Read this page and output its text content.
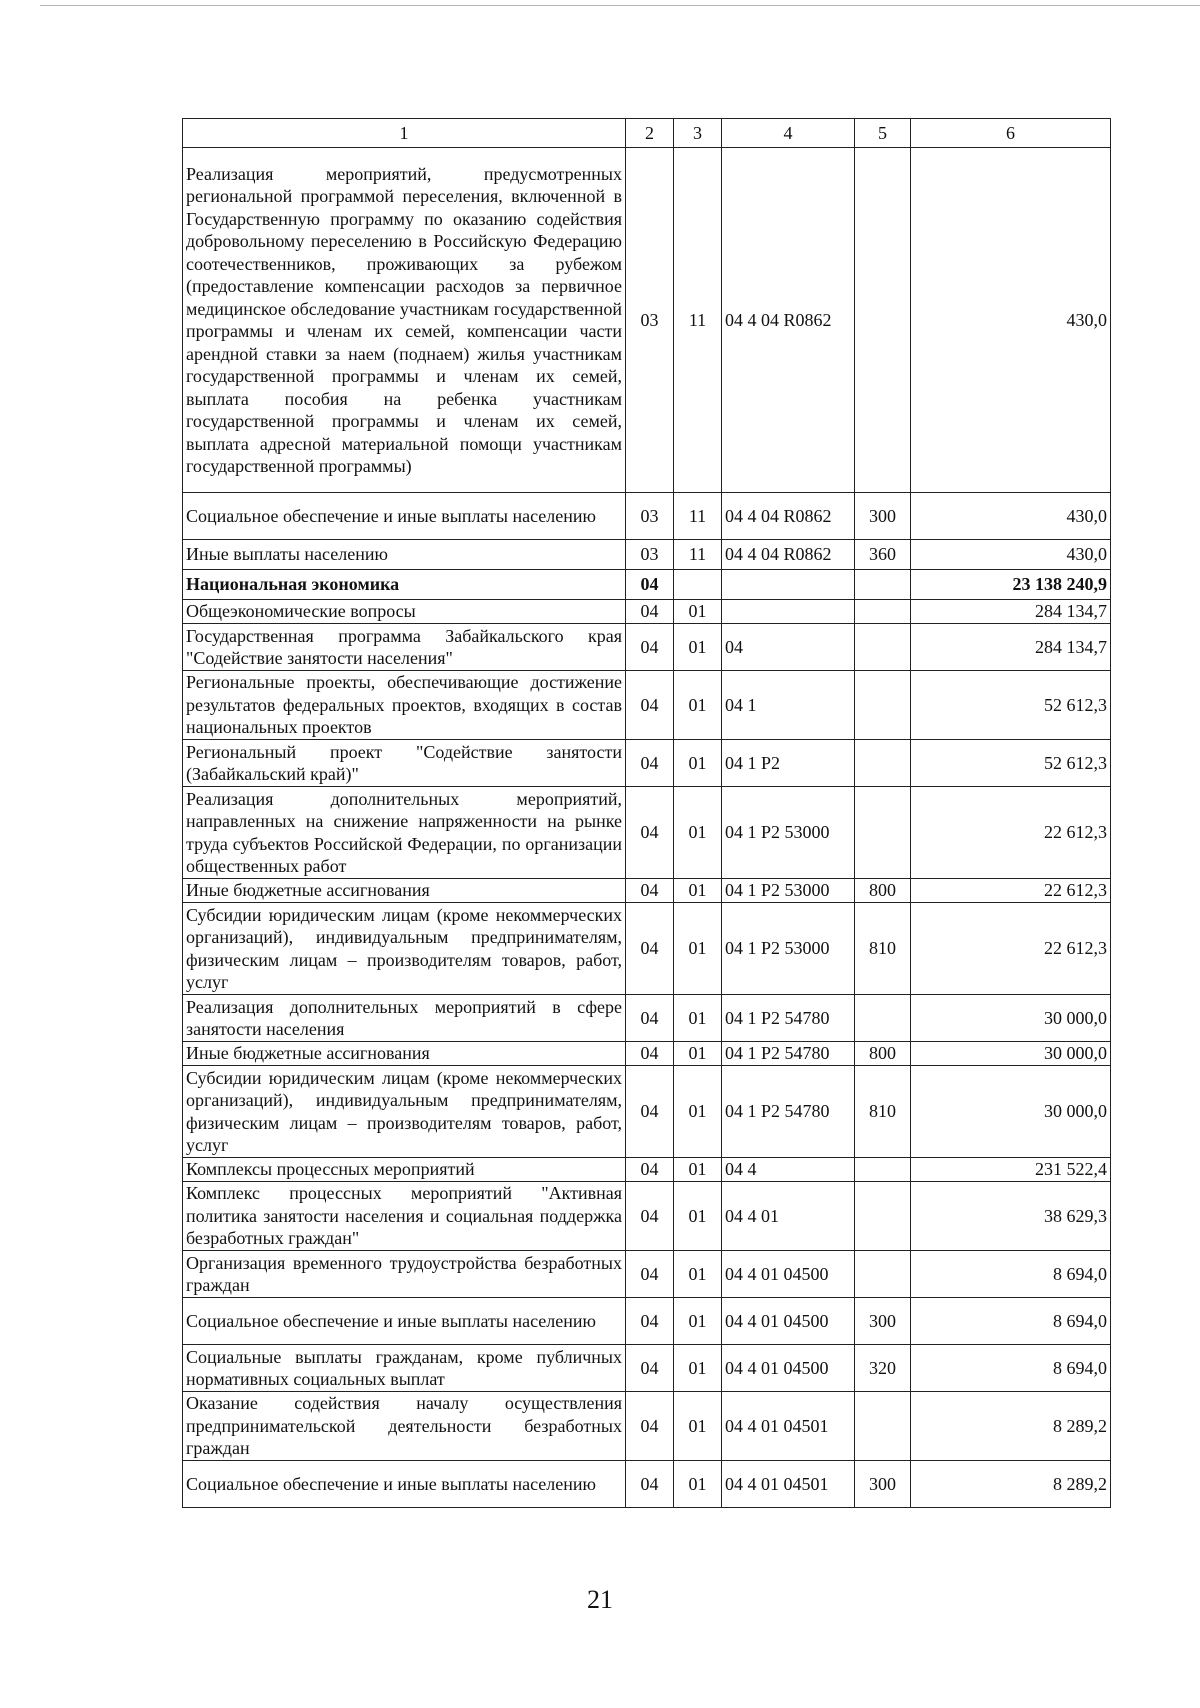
1	2	3	4	5	6
Реализация мероприятий, предусмотренных региональной программой переселения, включенной в Государственную программу по оказанию содействия добровольному переселению в Российскую Федерацию соотечественников, проживающих за рубежом (предоставление компенсации расходов за первичное медицинское обследование участникам государственной программы и членам их семей, компенсации части арендной ставки за наем (поднаем) жилья участникам государственной программы и членам их семей, выплата пособия на ребенка участникам государственной программы и членам их семей, выплата адресной материальной помощи участникам государственной программы)	03	11	04 4 04 R0862		430,0
Социальное обеспечение и иные выплаты населению	03	11	04 4 04 R0862	300	430,0
Иные выплаты населению	03	11	04 4 04 R0862	360	430,0
Национальная экономика	04				23 138 240,9
Общеэкономические вопросы	04	01			284 134,7
Государственная программа Забайкальского края "Содействие занятости населения"	04	01	04		284 134,7
Региональные проекты, обеспечивающие достижение результатов федеральных проектов, входящих в состав национальных проектов	04	01	04 1		52 612,3
Региональный проект "Содействие занятости (Забайкальский край)"	04	01	04 1 P2		52 612,3
Реализация дополнительных мероприятий, направленных на снижение напряженности на рынке труда субъектов Российской Федерации, по организации общественных работ	04	01	04 1 P2 53000		22 612,3
Иные бюджетные ассигнования	04	01	04 1 P2 53000	800	22 612,3
Субсидии юридическим лицам (кроме некоммерческих организаций), индивидуальным предпринимателям, физическим лицам – производителям товаров, работ, услуг	04	01	04 1 P2 53000	810	22 612,3
Реализация дополнительных мероприятий в сфере занятости населения	04	01	04 1 P2 54780		30 000,0
Иные бюджетные ассигнования	04	01	04 1 P2 54780	800	30 000,0
Субсидии юридическим лицам (кроме некоммерческих организаций), индивидуальным предпринимателям, физическим лицам – производителям товаров, работ, услуг	04	01	04 1 P2 54780	810	30 000,0
Комплексы процессных мероприятий	04	01	04 4		231 522,4
Комплекс процессных мероприятий "Активная политика занятости населения и социальная поддержка безработных граждан"	04	01	04 4 01		38 629,3
Организация временного трудоустройства безработных граждан	04	01	04 4 01 04500		8 694,0
Социальное обеспечение и иные выплаты населению	04	01	04 4 01 04500	300	8 694,0
Социальные выплаты гражданам, кроме публичных нормативных социальных выплат	04	01	04 4 01 04500	320	8 694,0
Оказание содействия началу осуществления предпринимательской деятельности безработных граждан	04	01	04 4 01 04501		8 289,2
Социальное обеспечение и иные выплаты населению	04	01	04 4 01 04501	300	8 289,2
21
